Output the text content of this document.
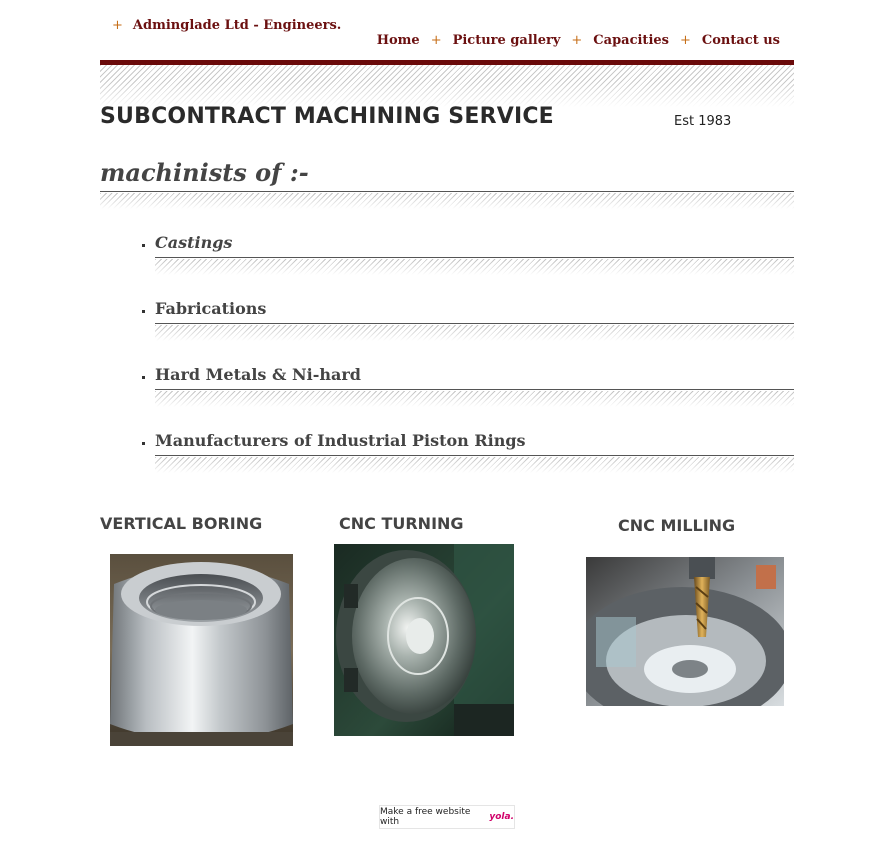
+ Adminglade Ltd - Engineers.
Home + Picture gallery + Capacities + Contact us
SUBCONTRACT MACHINING SERVICE	Est 1983
machinists of :-
Castings
Fabrications
Hard Metals & Ni-hard
Manufacturers of Industrial Piston Rings
VERTICAL BORING	CNC TURNING	CNC MILLING
Make a free website with	yola.
